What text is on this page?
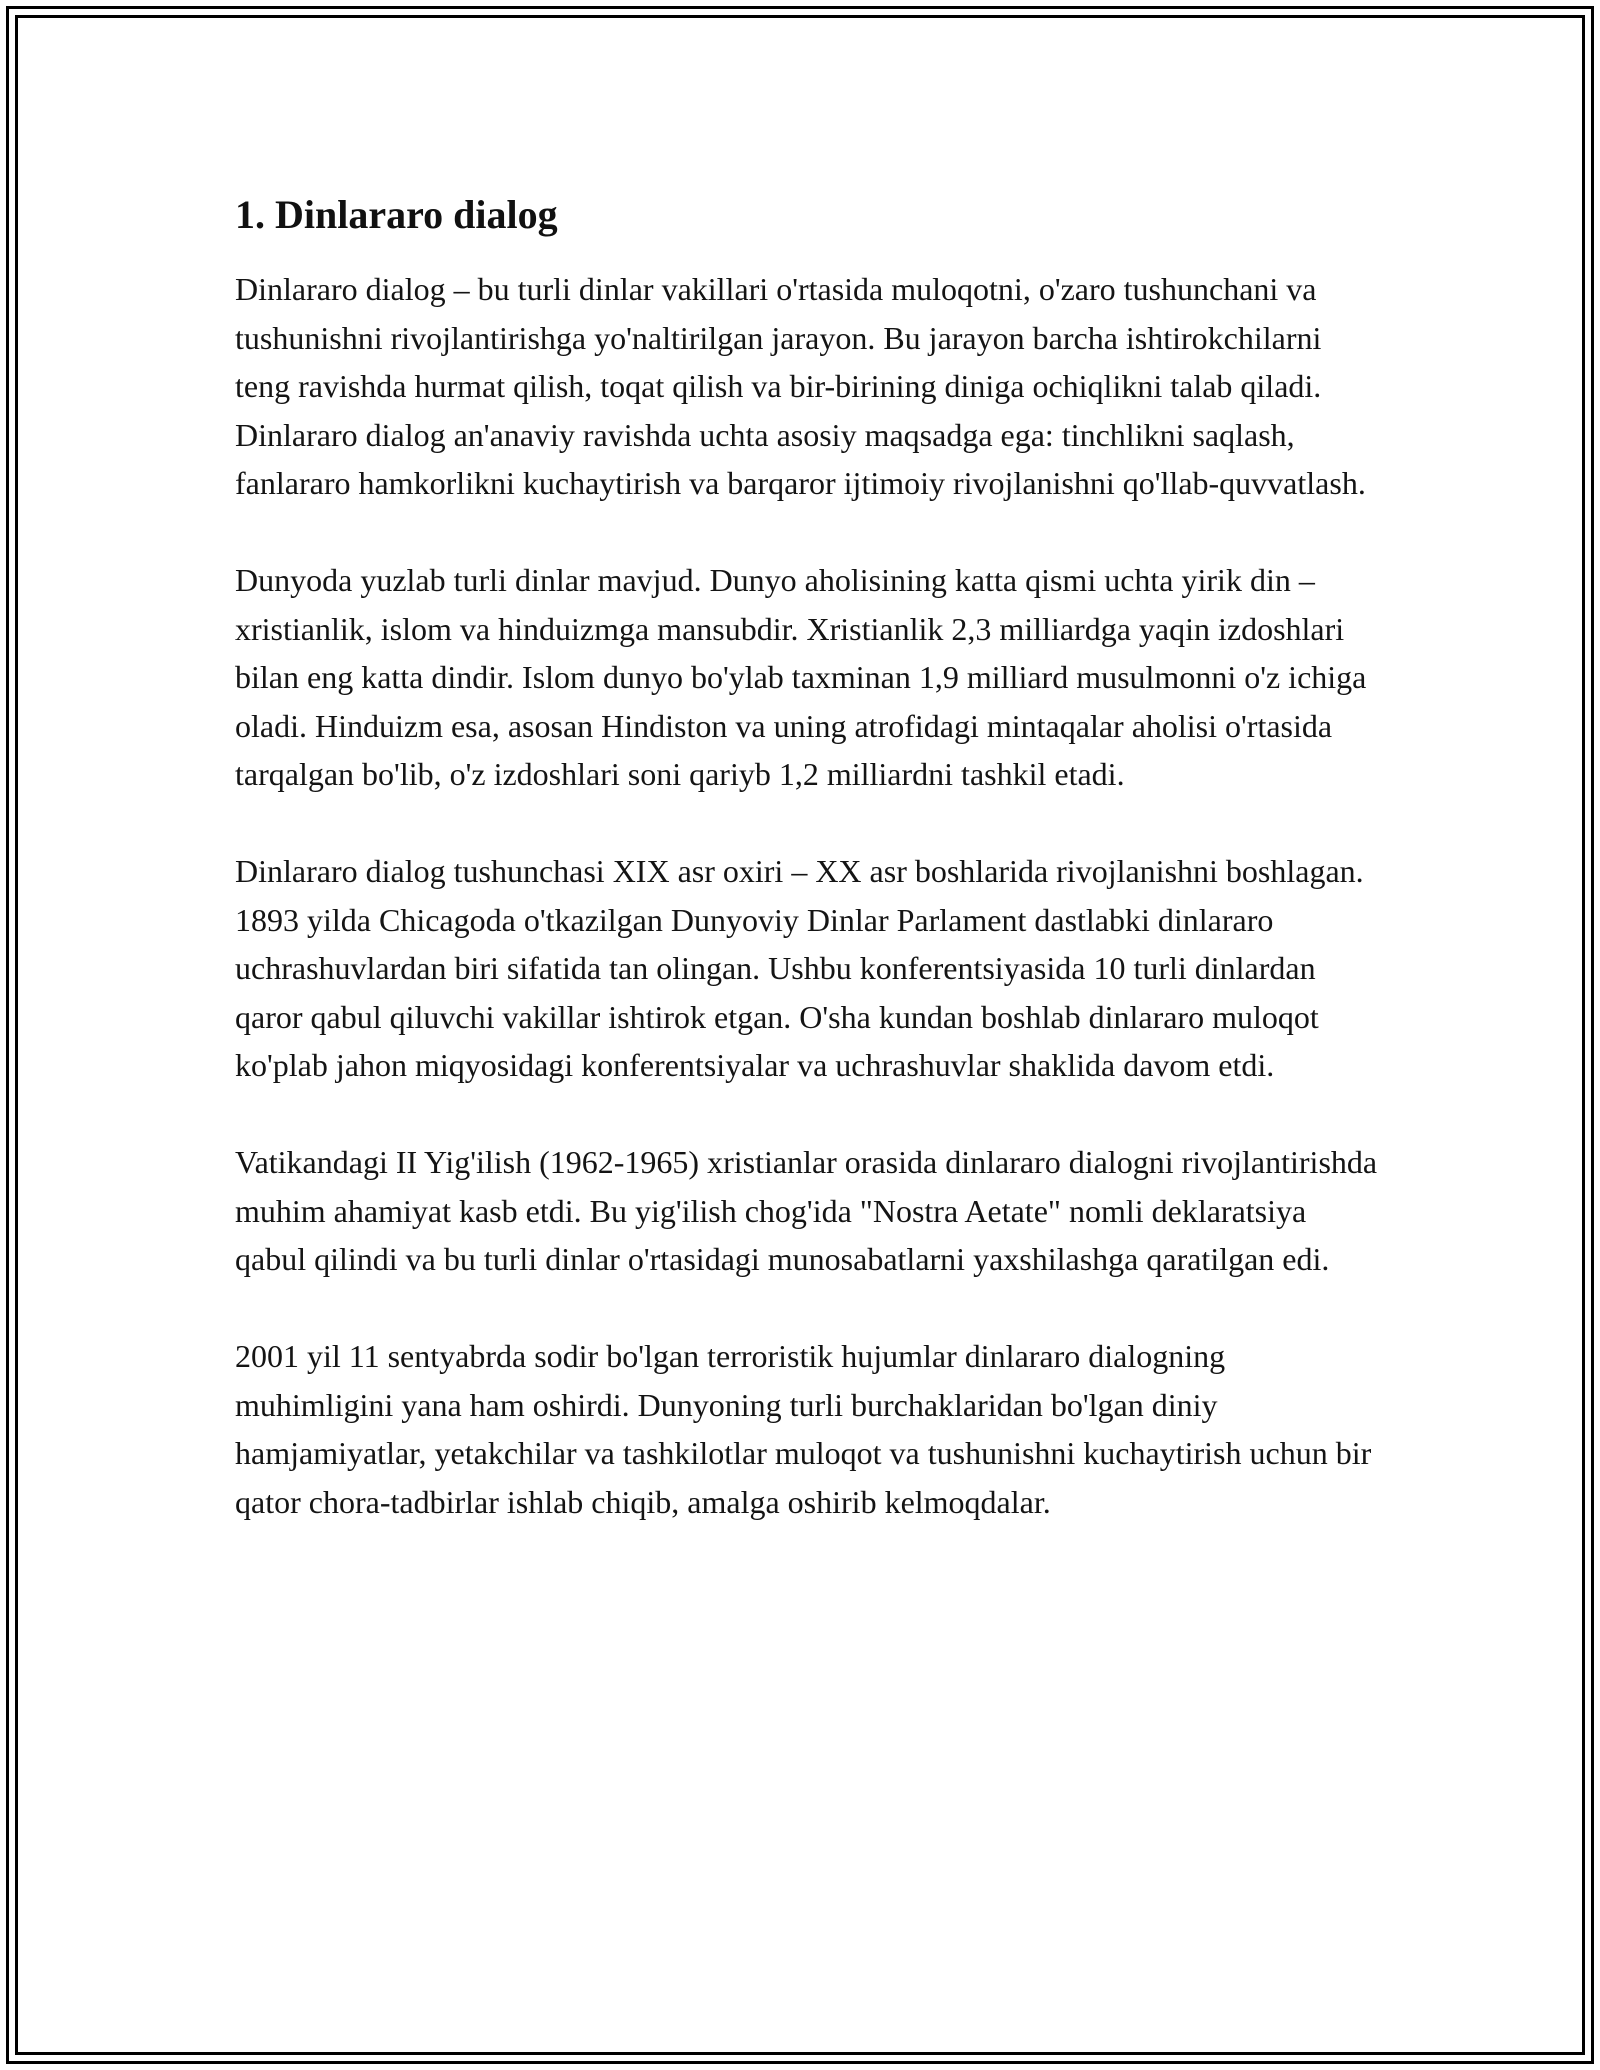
1. Dinlararo dialog

Dinlararo dialog – bu turli dinlar vakillari o'rtasida muloqotni, o'zaro tushunchani va tushunishni rivojlantirishga yo'naltirilgan jarayon. Bu jarayon barcha ishtirokchilarni teng ravishda hurmat qilish, toqat qilish va bir-birining diniga ochiqlikni talab qiladi. Dinlararo dialog an'anaviy ravishda uchta asosiy maqsadga ega: tinchlikni saqlash, fanlararo hamkorlikni kuchaytirish va barqaror ijtimoiy rivojlanishni qo'llab-quvvatlash.

Dunyoda yuzlab turli dinlar mavjud. Dunyo aholisining katta qismi uchta yirik din – xristianlik, islom va hinduizmga mansubdir. Xristianlik 2,3 milliardga yaqin izdoshlari bilan eng katta dindir. Islom dunyo bo'ylab taxminan 1,9 milliard musulmonni o'z ichiga oladi. Hinduizm esa, asosan Hindiston va uning atrofidagi mintaqalar aholisi o'rtasida tarqalgan bo'lib, o'z izdoshlari soni qariyb 1,2 milliardni tashkil etadi.

Dinlararo dialog tushunchasi XIX asr oxiri – XX asr boshlarida rivojlanishni boshlagan. 1893 yilda Chicagoda o'tkazilgan Dunyoviy Dinlar Parlament dastlabki dinlararo uchrashuvlardan biri sifatida tan olingan. Ushbu konferentsiyasida 10 turli dinlardan qaror qabul qiluvchi vakillar ishtirok etgan. O'sha kundan boshlab dinlararo muloqot ko'plab jahon miqyosidagi konferentsiyalar va uchrashuvlar shaklida davom etdi.

Vatikandagi II Yig'ilish (1962-1965) xristianlar orasida dinlararo dialogni rivojlantirishda muhim ahamiyat kasb etdi. Bu yig'ilish chog'ida "Nostra Aetate" nomli deklaratsiya qabul qilindi va bu turli dinlar o'rtasidagi munosabatlarni yaxshilashga qaratilgan edi.

2001 yil 11 sentyabrda sodir bo'lgan terroristik hujumlar dinlararo dialogning muhimligini yana ham oshirdi. Dunyoning turli burchaklaridan bo'lgan diniy hamjamiyatlar, yetakchilar va tashkilotlar muloqot va tushunishni kuchaytirish uchun bir qator chora-tadbirlar ishlab chiqib, amalga oshirib kelmoqdalar.
